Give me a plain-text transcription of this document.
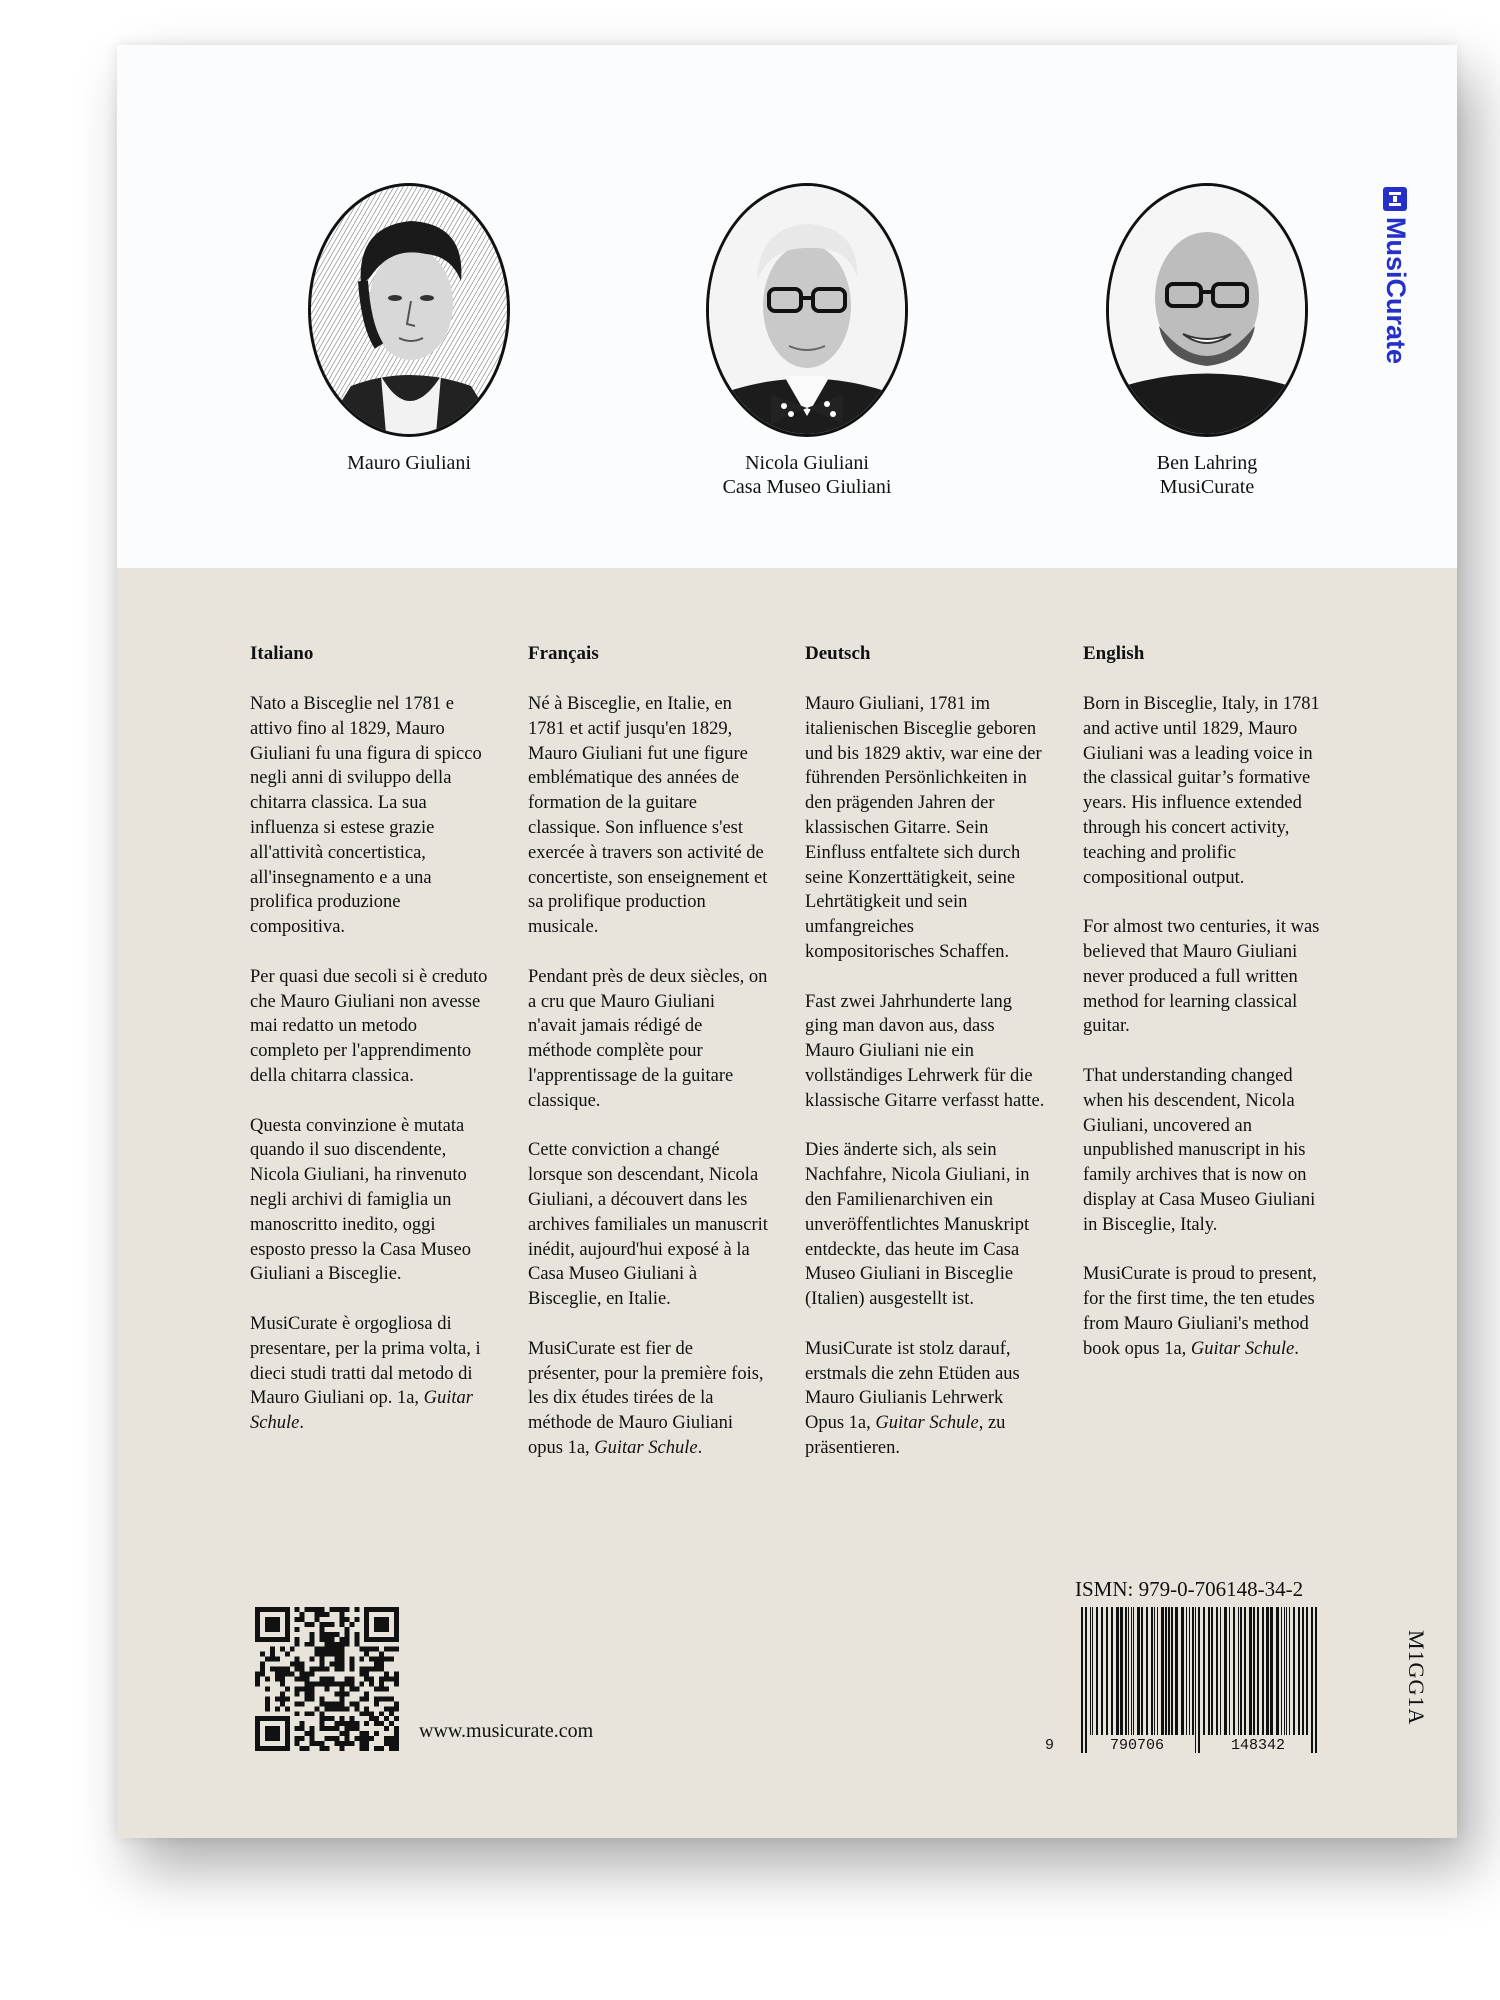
Mauro Giuliani	Nicola Giuliani
Casa Museo Giuliani
Ben Lahring
MusiCurate
MusiCurate
Italiano

Nato a Bisceglie nel 1781 e attivo fino al 1829, Mauro Giuliani fu una figura di spicco negli anni di sviluppo della chitarra classica. La sua influenza si estese grazie all'attività concertistica, all'insegnamento e a una prolifica produzione compositiva.

Per quasi due secoli si è creduto che Mauro Giuliani non avesse mai redatto un metodo completo per l'apprendimento della chitarra classica.

Questa convinzione è mutata quando il suo discendente, Nicola Giuliani, ha rinvenuto negli archivi di famiglia un manoscritto inedito, oggi esposto presso la Casa Museo Giuliani a Bisceglie.

MusiCurate è orgogliosa di presentare, per la prima volta, i dieci studi tratti dal metodo di Mauro Giuliani op. 1a, Guitar Schule.

Français

Né à Bisceglie, en Italie, en 1781 et actif jusqu'en 1829, Mauro Giuliani fut une figure emblématique des années de formation de la guitare classique. Son influence s'est exercée à travers son activité de concertiste, son enseignement et sa prolifique production musicale.

Pendant près de deux siècles, on a cru que Mauro Giuliani n'avait jamais rédigé de méthode complète pour l'apprentissage de la guitare classique.

Cette conviction a changé lorsque son descendant, Nicola Giuliani, a découvert dans les archives familiales un manuscrit inédit, aujourd'hui exposé à la Casa Museo Giuliani à Bisceglie, en Italie.

MusiCurate est fier de présenter, pour la première fois, les dix études tirées de la méthode de Mauro Giuliani opus 1a, Guitar Schule.

Deutsch

Mauro Giuliani, 1781 im italienischen Bisceglie geboren und bis 1829 aktiv, war eine der führenden Persönlichkeiten in den prägenden Jahren der klassischen Gitarre. Sein Einfluss entfaltete sich durch seine Konzerttätigkeit, seine Lehrtätigkeit und sein umfangreiches kompositorisches Schaffen.

Fast zwei Jahrhunderte lang ging man davon aus, dass Mauro Giuliani nie ein vollständiges Lehrwerk für die klassische Gitarre verfasst hatte.

Dies änderte sich, als sein Nachfahre, Nicola Giuliani, in den Familienarchiven ein unveröffentlichtes Manuskript entdeckte, das heute im Casa Museo Giuliani in Bisceglie (Italien) ausgestellt ist.

MusiCurate ist stolz darauf, erstmals die zehn Etüden aus Mauro Giulianis Lehrwerk Opus 1a, Guitar Schule, zu präsentieren.

English

Born in Bisceglie, Italy, in 1781 and active until 1829, Mauro Giuliani was a leading voice in the classical guitar’s formative years. His influence extended through his concert activity, teaching and prolific compositional output.

For almost two centuries, it was believed that Mauro Giuliani never produced a full written method for learning classical guitar.

That understanding changed when his descendent, Nicola Giuliani, uncovered an unpublished manuscript in his family archives that is now on display at Casa Museo Giuliani in Bisceglie, Italy.

MusiCurate is proud to present, for the first time, the ten etudes from Mauro Giuliani's method book opus 1a, Guitar Schule.

www.musicurate.com
ISMN: 979-0-706148-34-2
9	790706	148342
M1GG1A
